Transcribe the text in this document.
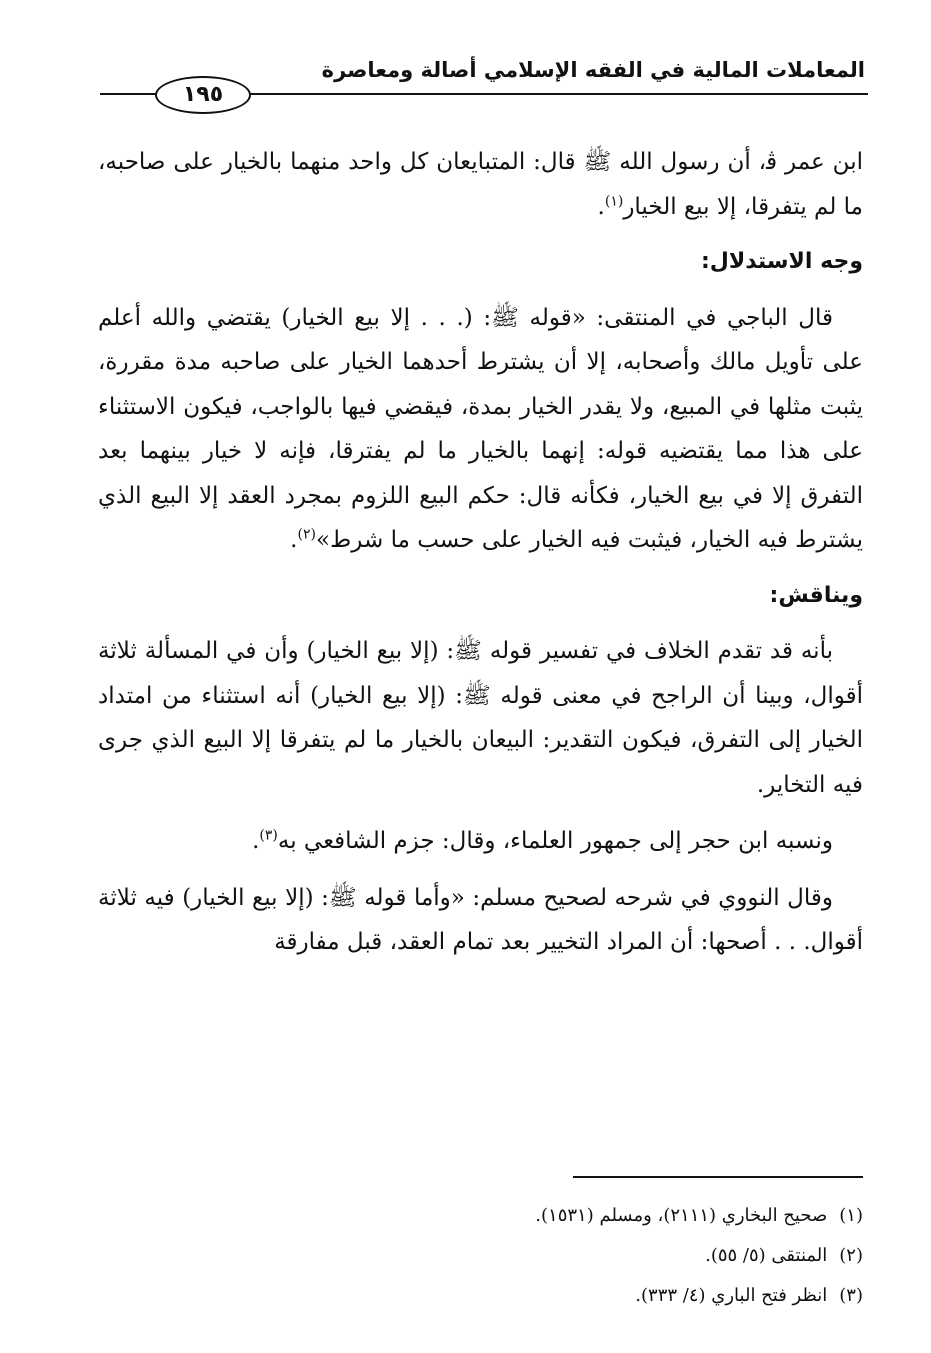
المعاملات المالية في الفقه الإسلامي أصالة ومعاصرة
١٩٥

ابن عمر ﭬ، أن رسول الله ﷺ قال: المتبايعان كل واحد منهما بالخيار على صاحبه، ما لم يتفرقا، إلا بيع الخيار$^{(١)}$.

وجه الاستدلال:

قال الباجي في المنتقى: «قوله ﷺ: (. . . إلا بيع الخيار) يقتضي والله أعلم على تأويل مالك وأصحابه، إلا أن يشترط أحدهما الخيار على صاحبه مدة مقررة، يثبت مثلها في المبيع، ولا يقدر الخيار بمدة، فيقضي فيها بالواجب، فيكون الاستثناء على هذا مما يقتضيه قوله: إنهما بالخيار ما لم يفترقا، فإنه لا خيار بينهما بعد التفرق إلا في بيع الخيار، فكأنه قال: حكم البيع اللزوم بمجرد العقد إلا البيع الذي يشترط فيه الخيار، فيثبت فيه الخيار على حسب ما شرط»$^{(٢)}$.

ويناقش:

بأنه قد تقدم الخلاف في تفسير قوله ﷺ: (إلا بيع الخيار) وأن في المسألة ثلاثة أقوال، وبينا أن الراجح في معنى قوله ﷺ: (إلا بيع الخيار) أنه استثناء من امتداد الخيار إلى التفرق، فيكون التقدير: البيعان بالخيار ما لم يتفرقا إلا البيع الذي جرى فيه التخاير.

ونسبه ابن حجر إلى جمهور العلماء، وقال: جزم الشافعي به$^{(٣)}$.

وقال النووي في شرحه لصحيح مسلم: «وأما قوله ﷺ: (إلا بيع الخيار) فيه ثلاثة أقوال. . . أصحها: أن المراد التخيير بعد تمام العقد، قبل مفارقة

(١)صحيح البخاري (٢١١١)، ومسلم (١٥٣١).

(٢)المنتقى (٥/ ٥٥).

(٣)انظر فتح الباري (٤/ ٣٣٣).
